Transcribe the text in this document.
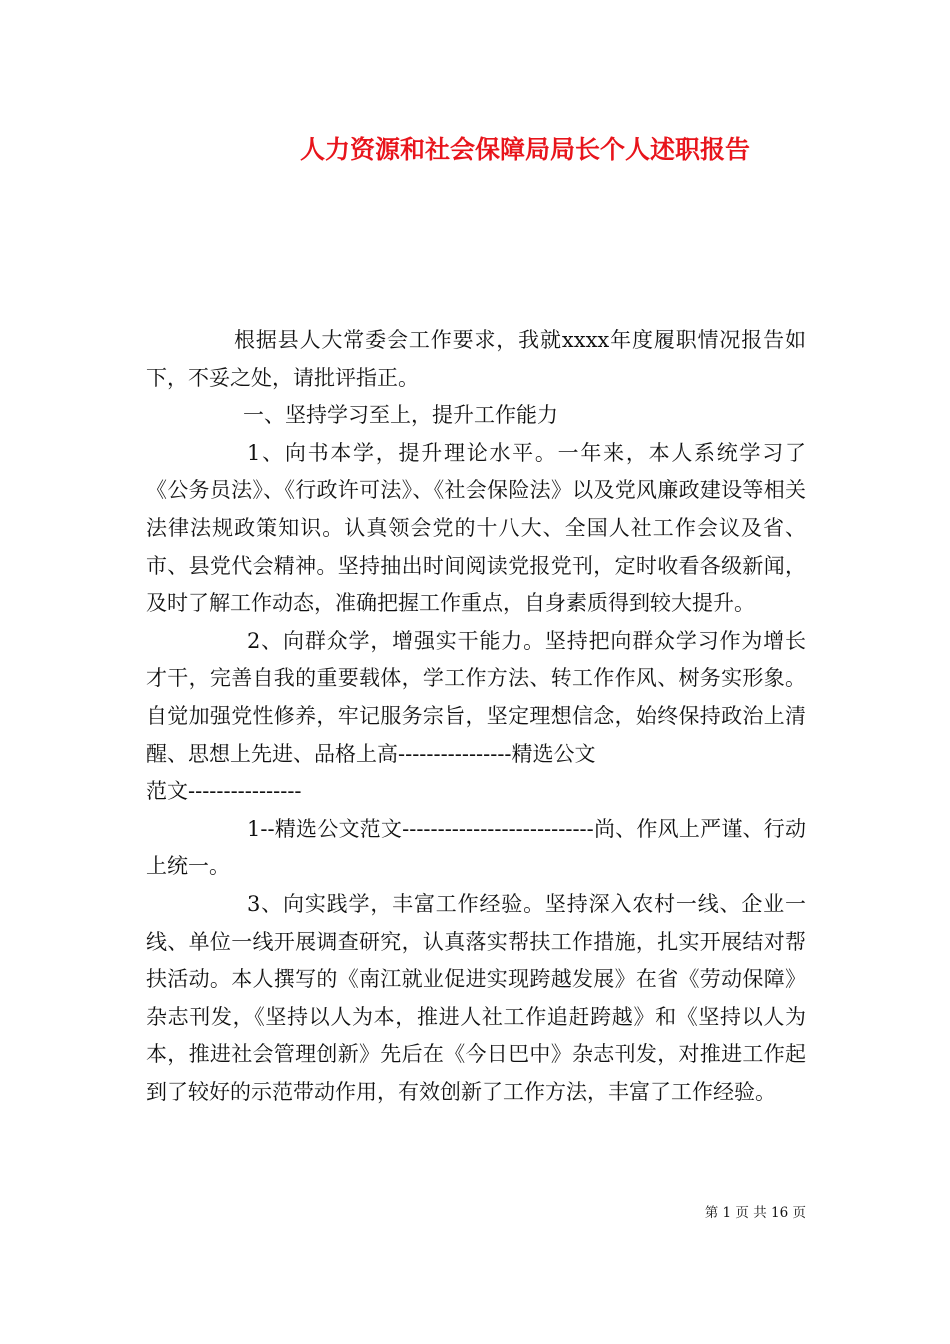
人力资源和社会保障局局长个人述职报告

根据县人大常委会工作要求，我就xxxx年度履职情况报告如下，不妥之处，请批评指正。

一、坚持学习至上，提升工作能力

1、向书本学，提升理论水平。一年来，本人系统学习了《公务员法》、《行政许可法》、《社会保险法》以及党风廉政建设等相关法律法规政策知识。认真领会党的十八大、全国人社工作会议及省、市、县党代会精神。坚持抽出时间阅读党报党刊，定时收看各级新闻，及时了解工作动态，准确把握工作重点，自身素质得到较大提升。

2、向群众学，增强实干能力。坚持把向群众学习作为增长才干，完善自我的重要载体，学工作方法、转工作作风、树务实形象。自觉加强党性修养，牢记服务宗旨，坚定理想信念，始终保持政治上清醒、思想上先进、品格上高----------------精选公文

范文----------------

1--精选公文范文---------------------------尚、作风上严谨、行动上统一。

3、向实践学，丰富工作经验。坚持深入农村一线、企业一线、单位一线开展调查研究，认真落实帮扶工作措施，扎实开展结对帮扶活动。本人撰写的《南江就业促进实现跨越发展》在省《劳动保障》杂志刊发，《坚持以人为本，推进人社工作追赶跨越》和《坚持以人为本，推进社会管理创新》先后在《今日巴中》杂志刊发，对推进工作起到了较好的示范带动作用，有效创新了工作方法，丰富了工作经验。

第 1 页 共 16 页
